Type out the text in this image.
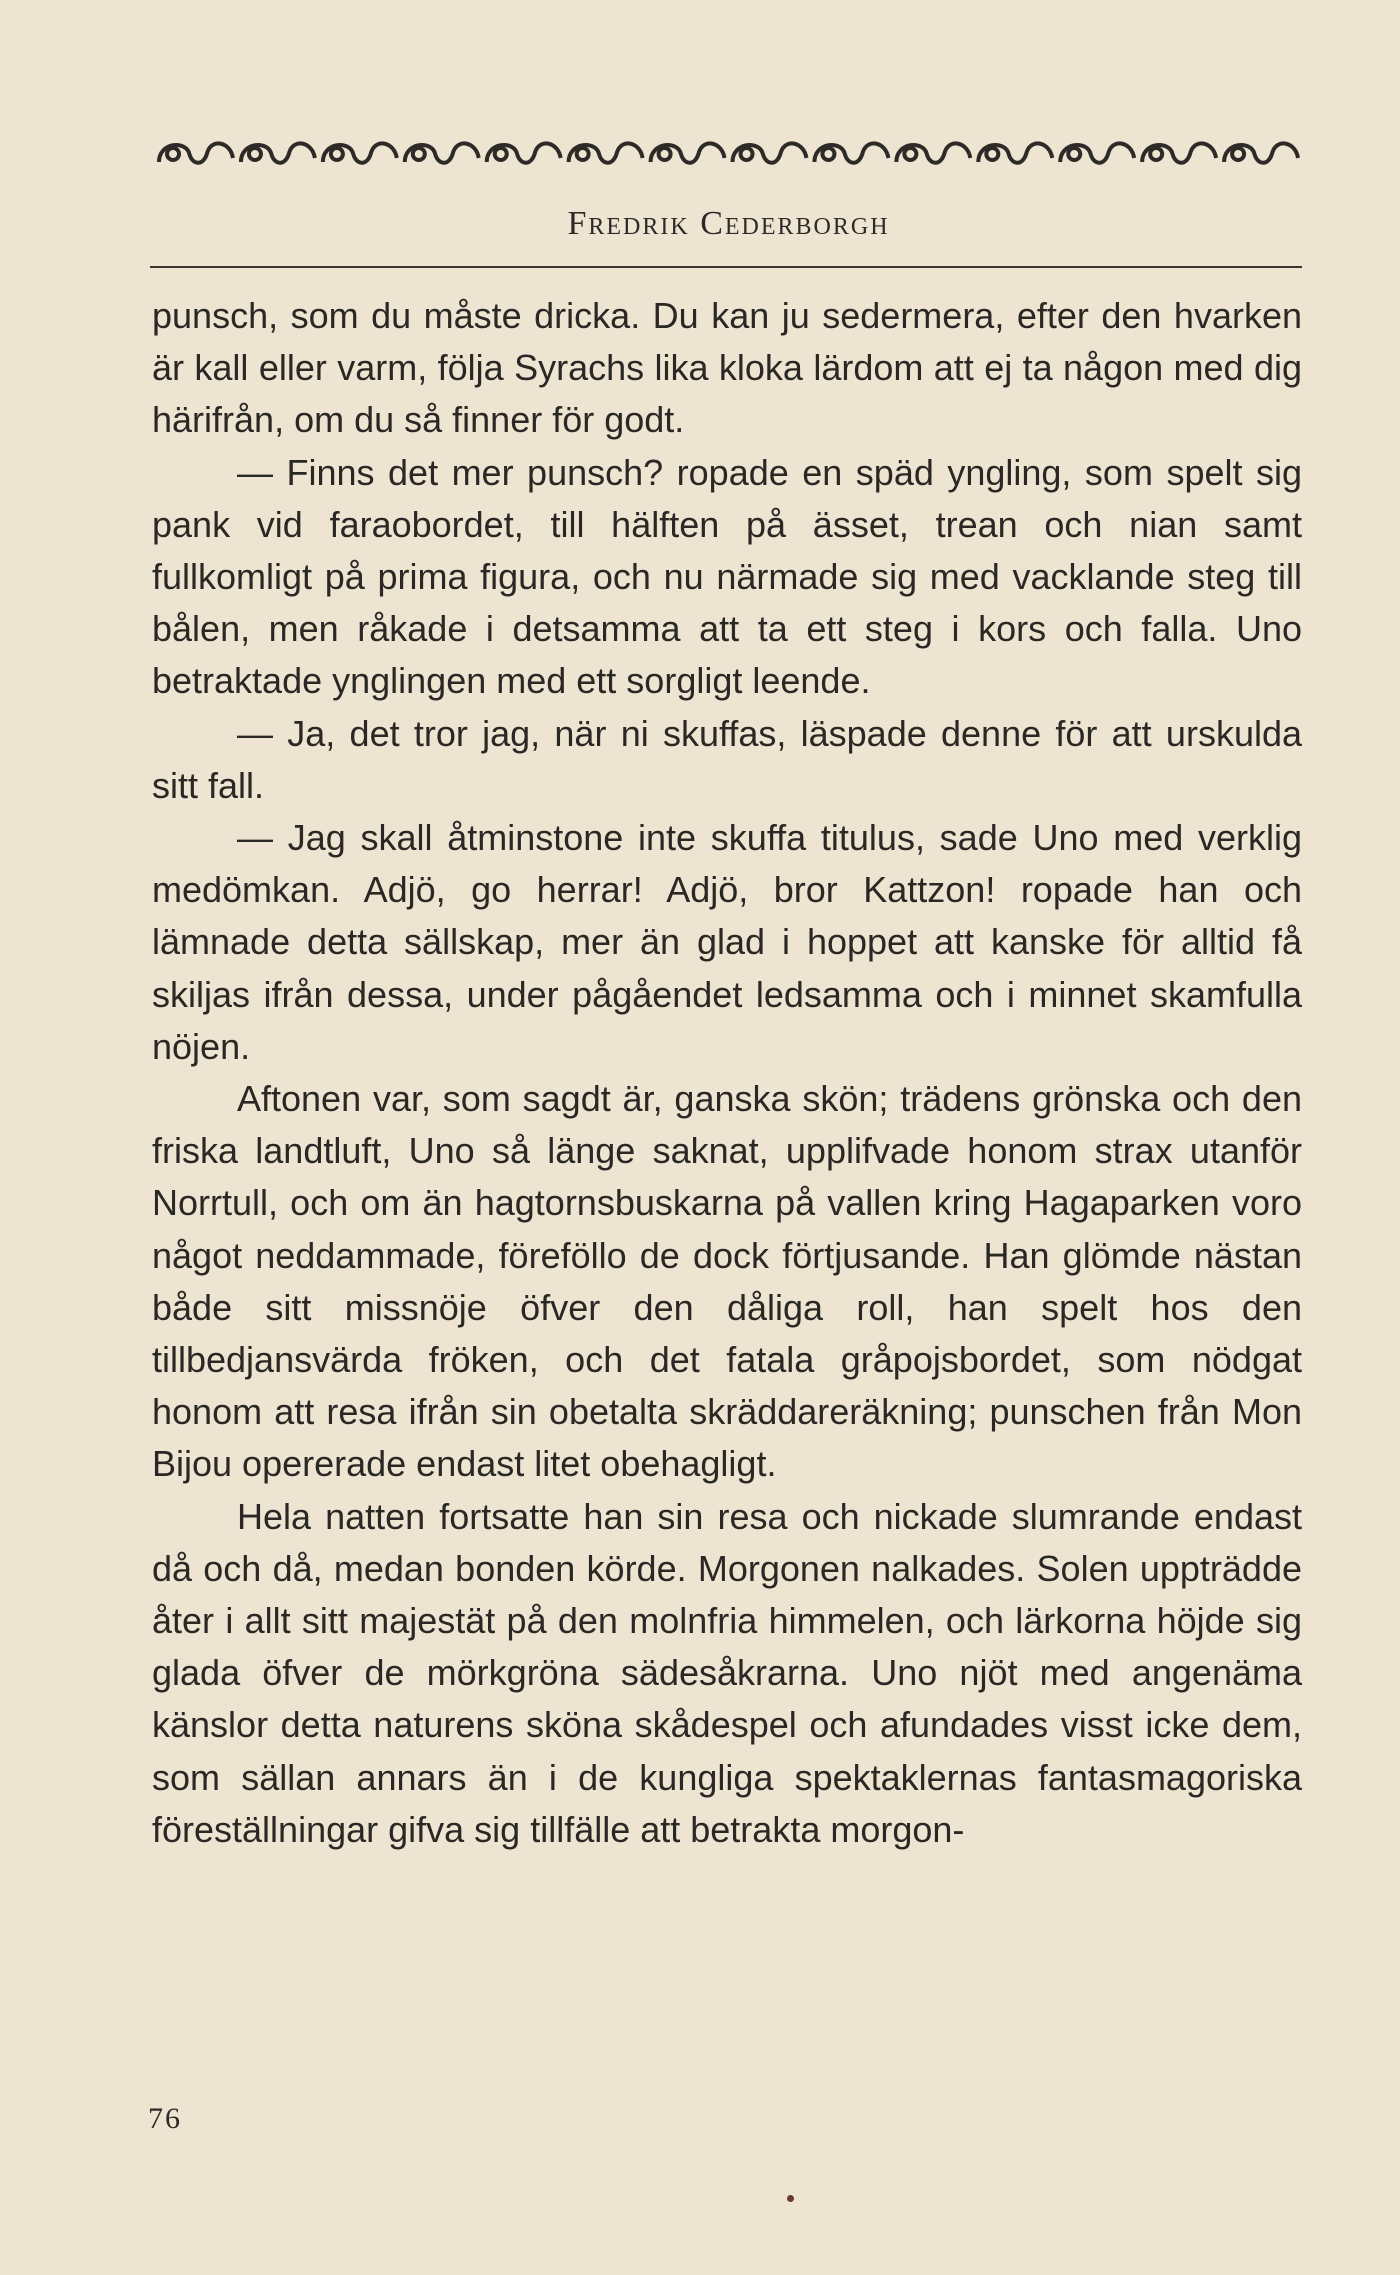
Fredrik Cederborgh

punsch, som du måste dricka. Du kan ju sedermera, efter den hvarken är kall eller varm, följa Syrachs lika kloka lärdom att ej ta någon med dig härifrån, om du så finner för godt.

— Finns det mer punsch? ropade en späd yngling, som spelt sig pank vid faraobordet, till hälften på ässet, trean och nian samt fullkomligt på prima figura, och nu närmade sig med vacklande steg till bålen, men råkade i detsamma att ta ett steg i kors och falla. Uno betraktade ynglingen med ett sorgligt leende.

— Ja, det tror jag, när ni skuffas, läspade denne för att urskulda sitt fall.

— Jag skall åtminstone inte skuffa titulus, sade Uno med verklig medömkan. Adjö, go herrar! Adjö, bror Kattzon! ropade han och lämnade detta sällskap, mer än glad i hoppet att kanske för alltid få skiljas ifrån dessa, under pågåendet ledsamma och i minnet skamfulla nöjen.

Aftonen var, som sagdt är, ganska skön; trädens grönska och den friska landtluft, Uno så länge saknat, upplifvade honom strax utanför Norrtull, och om än hagtornsbuskarna på vallen kring Hagaparken voro något neddammade, föreföllo de dock förtjusande. Han glömde nästan både sitt missnöje öfver den dåliga roll, han spelt hos den tillbedjansvärda fröken, och det fatala gråpojsbordet, som nödgat honom att resa ifrån sin obetalta skräddareräkning; punschen från Mon Bijou opererade endast litet obehagligt.

Hela natten fortsatte han sin resa och nickade slumrande endast då och då, medan bonden körde. Morgonen nalkades. Solen uppträdde åter i allt sitt majestät på den molnfria himmelen, och lärkorna höjde sig glada öfver de mörkgröna sädesåkrarna. Uno njöt med angenäma känslor detta naturens sköna skådespel och afundades visst icke dem, som sällan annars än i de kungliga spektaklernas fantasmagoriska föreställningar gifva sig tillfälle att betrakta morgon-

76
